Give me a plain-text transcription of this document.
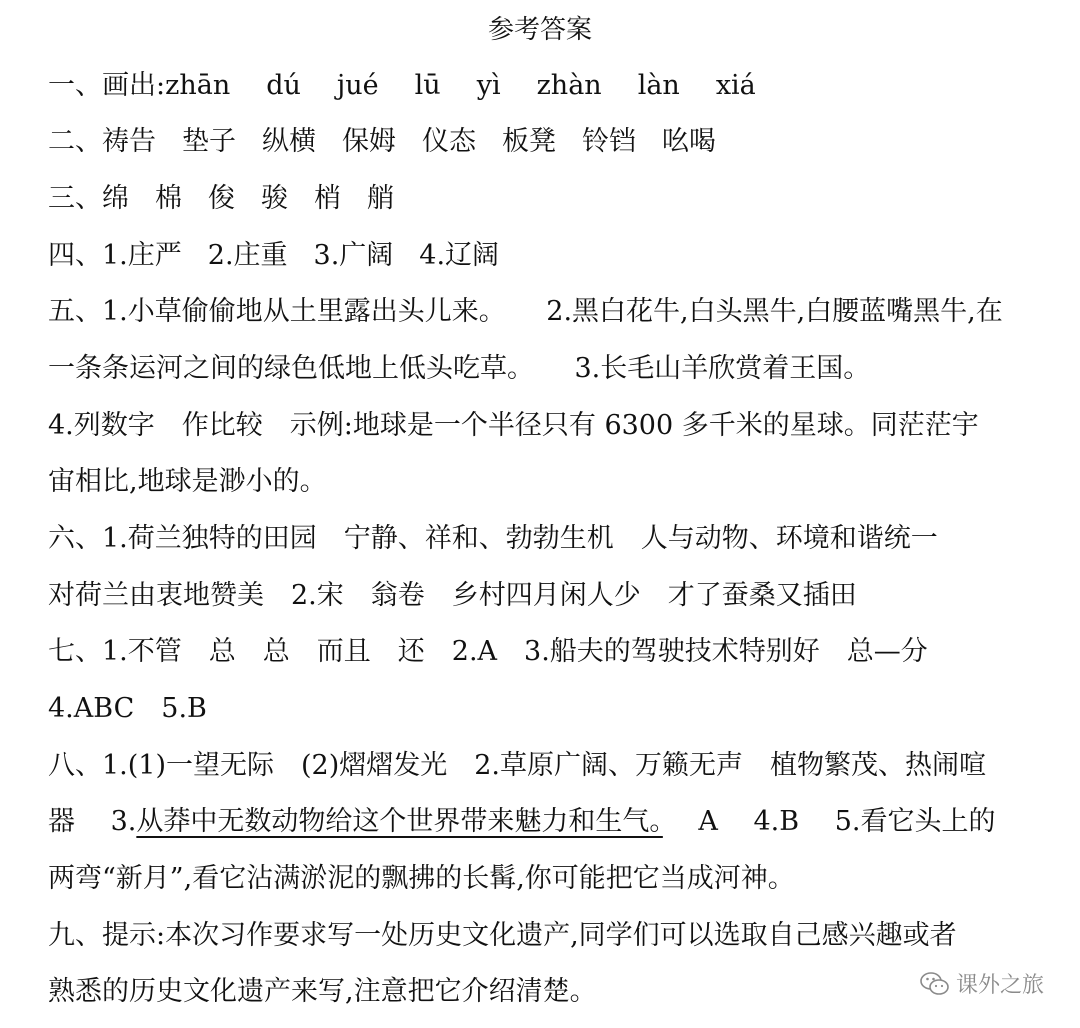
参考答案
一、画出:zhān dú jué lū yì zhàn làn xiá
二、祷告 垫子 纵横 保姆 仪态 板凳 铃铛 吆喝
三、绵 棉 俊 骏 梢 艄
四、1.庄严 2.庄重 3.广阔 4.辽阔
五、1.小草偷偷地从土里露出头儿来。　 2.黑白花牛,白头黑牛,白腰蓝嘴黑牛,在
一条条运河之间的绿色低地上低头吃草。　 3.长毛山羊欣赏着王国。
4.列数字　作比较　示例:地球是一个半径只有 6300 多千米的星球。同茫茫宇
宙相比,地球是渺小的。
六、1.荷兰独特的田园　宁静、祥和、勃勃生机　人与动物、环境和谐统一
对荷兰由衷地赞美　2.宋　翁卷　乡村四月闲人少　才了蚕桑又插田
七、1.不管　总　总　而且　还　2.A　3.船夫的驾驶技术特别好　总—分
4.ABC　5.B
八、1.(1)一望无际　(2)熠熠发光　2.草原广阔、万籁无声　植物繁茂、热闹喧
器　 3.从莽中无数动物给这个世界带来魅力和生气。　 A　 4.B　 5.看它头上的
两弯“新月”,看它沾满淤泥的飘拂的长髯,你可能把它当成河神。
九、提示:本次习作要求写一处历史文化遗产,同学们可以选取自己感兴趣或者
熟悉的历史文化遗产来写,注意把它介绍清楚。	课外之旅
